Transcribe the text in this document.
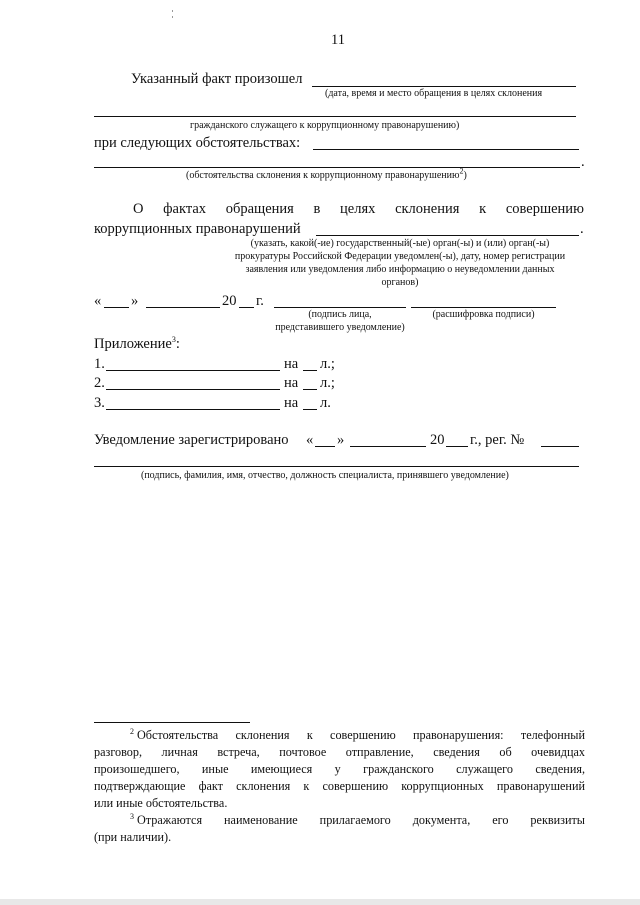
11
Указанный факт произошел
(дата, время и место обращения в целях склонения
гражданского служащего к коррупционному правонарушению)
при следующих обстоятельствах:
.
(обстоятельства склонения к коррупционному правонарушению$^2$)
О фактах обращения в целях склонения к совершению
коррупционных правонарушений	.
(указать, какой(-ие) государственный(-ые) орган(-ы) и (или) орган(-ы)
прокуратуры Российской Федерации уведомлен(-ы), дату, номер регистрации
заявления или уведомления либо информацию о неуведомлении данных
органов)
« »	20 г.
(подпись лица,
представившего уведомление)
(расшифровка подписи)
Приложение$^3$:
1.	на л.;
2.	на л.;
3.	на л.
Уведомление зарегистрировано « »	20 г., рег. №
(подпись, фамилия, имя, отчество, должность специалиста, принявшего уведомление)
$^2$ Обстоятельства склонения к совершению правонарушения: телефонный
разговор, личная встреча, почтовое отправление, сведения об очевидцах
произошедшего, иные имеющиеся у гражданского служащего сведения,
подтверждающие факт склонения к совершению коррупционных правонарушений
или иные обстоятельства.
$^3$ Отражаются наименование прилагаемого документа, его реквизиты
(при наличии).
